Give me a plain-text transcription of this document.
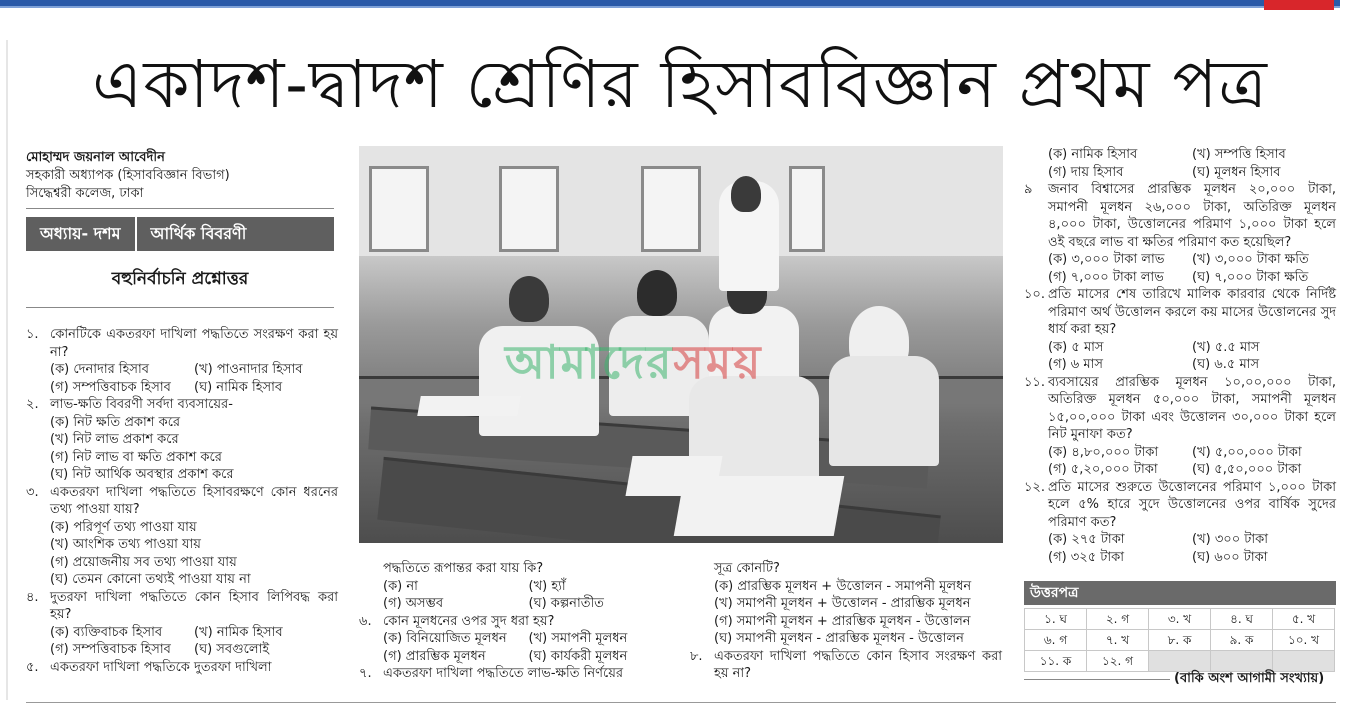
একাদশ-দ্বাদশ শ্রেণির হিসাববিজ্ঞান প্রথম পত্র
মোহাম্মদ জয়নাল আবেদীন
সহকারী অধ্যাপক (হিসাববিজ্ঞান বিভাগ)
সিদ্ধেশ্বরী কলেজ, ঢাকা
অধ্যায়- দশম	আর্থিক বিবরণী
বহুনির্বাচনি প্রশ্নোত্তর
১. কোনটিকে একতরফা দাখিলা পদ্ধতিতে সংরক্ষণ করা হয় না?
(ক) দেনাদার হিসাব	(খ) পাওনাদার হিসাব
(গ) সম্পত্তিবাচক হিসাব	(ঘ) নামিক হিসাব
২. লাভ-ক্ষতি বিবরণী সর্বদা ব্যবসায়ের-
(ক) নিট ক্ষতি প্রকাশ করে
(খ) নিট লাভ প্রকাশ করে
(গ) নিট লাভ বা ক্ষতি প্রকাশ করে
(ঘ) নিট আর্থিক অবস্থার প্রকাশ করে
৩. একতরফা দাখিলা পদ্ধতিতে হিসাবরক্ষণে কোন ধরনের তথ্য পাওয়া যায়?
(ক) পরিপূর্ণ তথ্য পাওয়া যায়
(খ) আংশিক তথ্য পাওয়া যায়
(গ) প্রয়োজনীয় সব তথ্য পাওয়া যায়
(ঘ) তেমন কোনো তথ্যই পাওয়া যায় না
৪. দুতরফা দাখিলা পদ্ধতিতে কোন হিসাব লিপিবদ্ধ করা হয়?
(ক) ব্যক্তিবাচক হিসাব	(খ) নামিক হিসাব
(গ) সম্পত্তিবাচক হিসাব	(ঘ) সবগুলোই
৫. একতরফা দাখিলা পদ্ধতিকে দুতরফা দাখিলা
আমাদেরসময়
পদ্ধতিতে রূপান্তর করা যায় কি?
(ক) না	(খ) হ্যাঁ
(গ) অসম্ভব	(ঘ) কল্পনাতীত
৬. কোন মূলধনের ওপর সুদ ধরা হয়?
(ক) বিনিয়োজিত মূলধন	(খ) সমাপনী মূলধন
(গ) প্রারম্ভিক মূলধন	(ঘ) কার্যকরী মূলধন
৭. একতরফা দাখিলা পদ্ধতিতে লাভ-ক্ষতি নির্ণয়ের
সূত্র কোনটি?
(ক) প্রারম্ভিক মূলধন + উত্তোলন - সমাপনী মূলধন
(খ) সমাপনী মূলধন + উত্তোলন - প্রারম্ভিক মূলধন
(গ) সমাপনী মূলধন + প্রারম্ভিক মূলধন - উত্তোলন
(ঘ) সমাপনী মূলধন - প্রারম্ভিক মূলধন - উত্তোলন
৮. একতরফা দাখিলা পদ্ধতিতে কোন হিসাব সংরক্ষণ করা হয় না?
(ক) নামিক হিসাব	(খ) সম্পত্তি হিসাব
(গ) দায় হিসাব	(ঘ) মূলধন হিসাব
৯	জনাব বিশ্বাসের প্রারম্ভিক মূলধন ২০,০০০ টাকা, সমাপনী মূলধন ২৬,০০০ টাকা, অতিরিক্ত মূলধন ৪,০০০ টাকা, উত্তোলনের পরিমাণ ১,০০০ টাকা হলে ওই বছরে লাভ বা ক্ষতির পরিমাণ কত হয়েছিল?
(ক) ৩,০০০ টাকা লাভ	(খ) ৩,০০০ টাকা ক্ষতি
(গ) ৭,০০০ টাকা লাভ	(ঘ) ৭,০০০ টাকা ক্ষতি
১০. প্রতি মাসের শেষ তারিখে মালিক কারবার থেকে নির্দিষ্ট পরিমাণ অর্থ উত্তোলন করলে কয় মাসের উত্তোলনের সুদ ধার্য করা হয়?
(ক) ৫ মাস	(খ) ৫.৫ মাস
(গ) ৬ মাস	(ঘ) ৬.৫ মাস
১১. ব্যবসায়ের প্রারম্ভিক মূলধন ১০,০০,০০০ টাকা, অতিরিক্ত মূলধন ৫০,০০০ টাকা, সমাপনী মূলধন ১৫,০০,০০০ টাকা এবং উত্তোলন ৩০,০০০ টাকা হলে নিট মুনাফা কত?
(ক) ৪,৮০,০০০ টাকা	(খ) ৫,০০,০০০ টাকা
(গ) ৫,২০,০০০ টাকা	(ঘ) ৫,৫০,০০০ টাকা
১২. প্রতি মাসের শুরুতে উত্তোলনের পরিমাণ ১,০০০ টাকা হলে ৫% হারে সুদে উত্তোলনের ওপর বার্ষিক সুদের পরিমাণ কত?
(ক) ২৭৫ টাকা	(খ) ৩০০ টাকা
(গ) ৩২৫ টাকা	(ঘ) ৬০০ টাকা
উত্তরপত্র
১. ঘ	২. গ	৩. খ	৪. ঘ	৫. খ
৬. গ	৭. খ	৮. ক	৯. ক	১০. খ
১১. ক	১২. গ
(বাকি অংশ আগামী সংখ্যায়)
